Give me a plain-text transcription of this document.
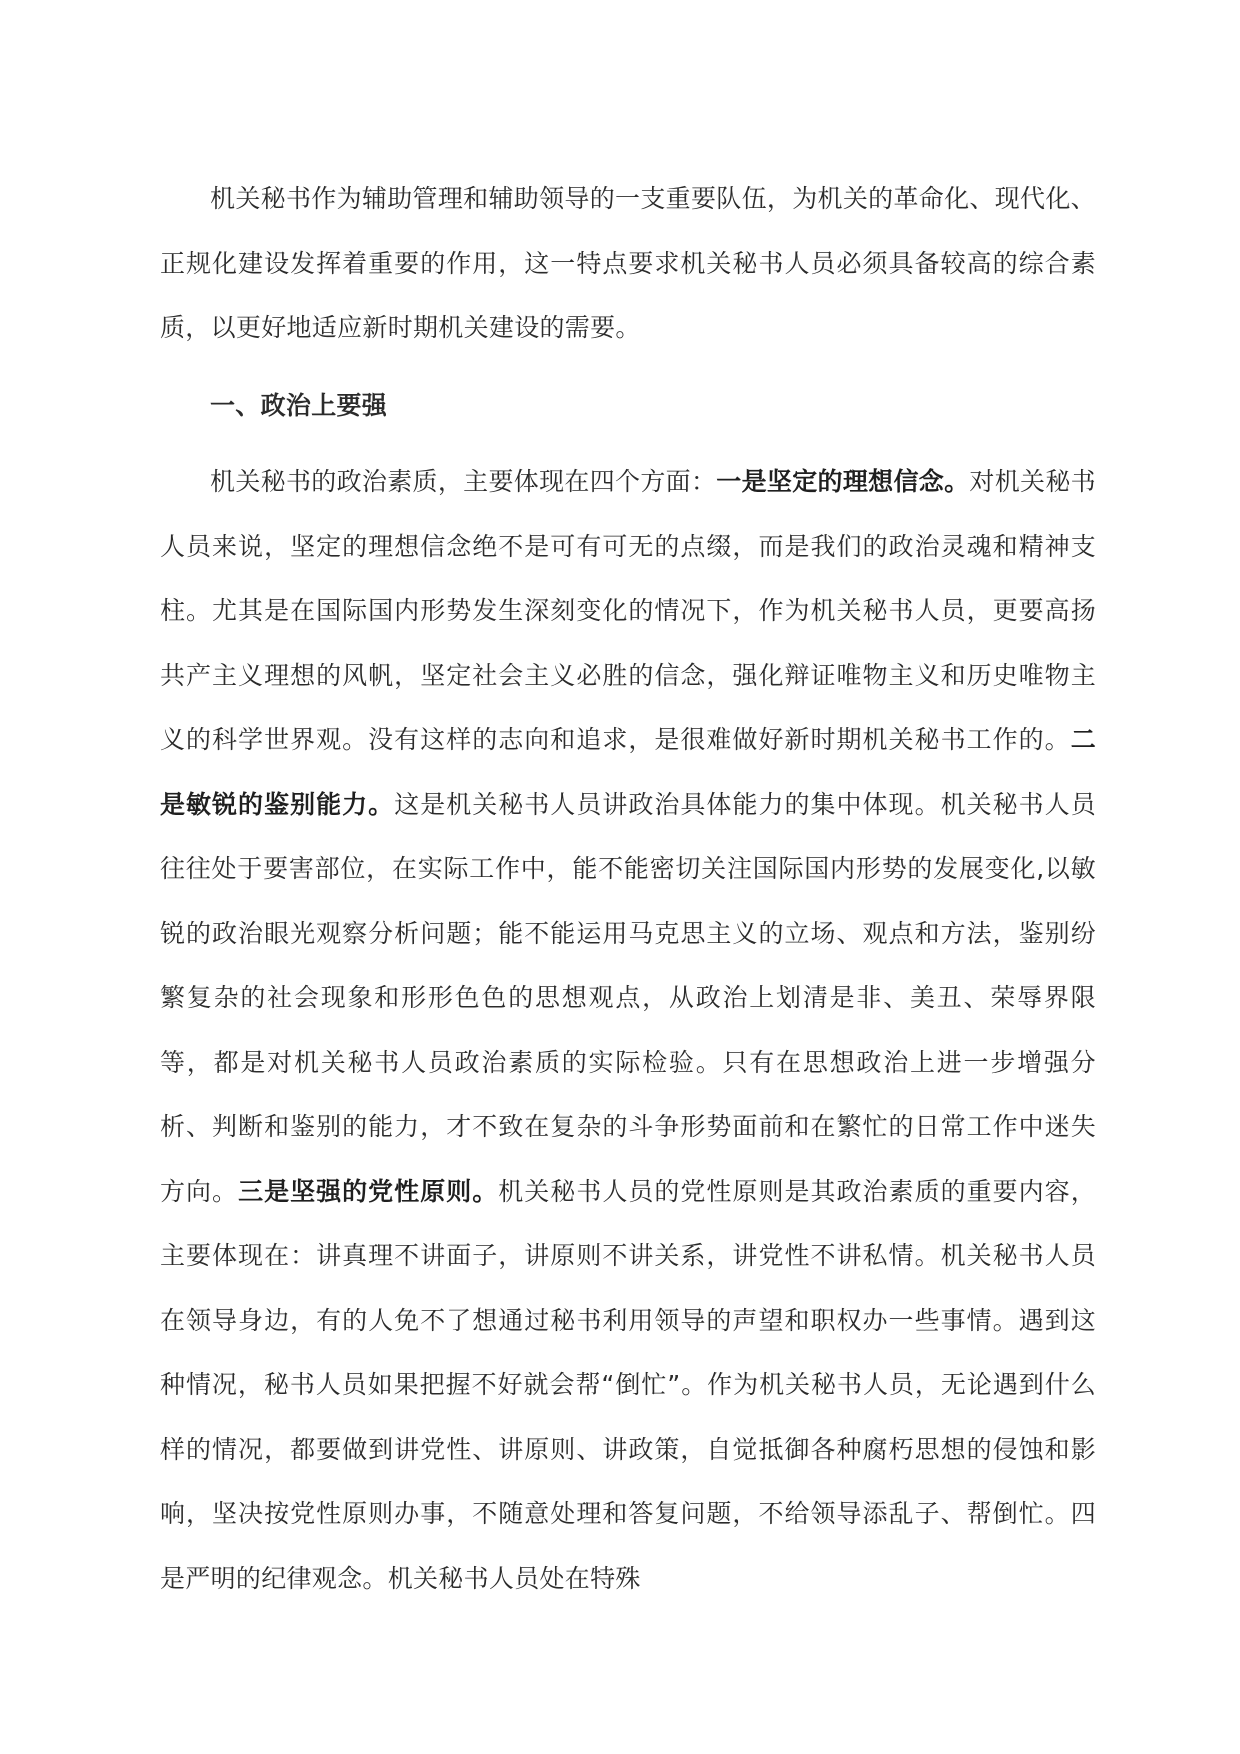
机关秘书作为辅助管理和辅助领导的一支重要队伍，为机关的革命化、现代化、正规化建设发挥着重要的作用，这一特点要求机关秘书人员必须具备较高的综合素质，以更好地适应新时期机关建设的需要。

一、政治上要强

机关秘书的政治素质，主要体现在四个方面：一是坚定的理想信念。对机关秘书人员来说，坚定的理想信念绝不是可有可无的点缀，而是我们的政治灵魂和精神支柱。尤其是在国际国内形势发生深刻变化的情况下，作为机关秘书人员，更要高扬共产主义理想的风帆，坚定社会主义必胜的信念，强化辩证唯物主义和历史唯物主义的科学世界观。没有这样的志向和追求，是很难做好新时期机关秘书工作的。二是敏锐的鉴别能力。这是机关秘书人员讲政治具体能力的集中体现。机关秘书人员往往处于要害部位，在实际工作中，能不能密切关注国际国内形势的发展变化,以敏锐的政治眼光观察分析问题；能不能运用马克思主义的立场、观点和方法，鉴别纷繁复杂的社会现象和形形色色的思想观点，从政治上划清是非、美丑、荣辱界限等，都是对机关秘书人员政治素质的实际检验。只有在思想政治上进一步增强分析、判断和鉴别的能力，才不致在复杂的斗争形势面前和在繁忙的日常工作中迷失方向。三是坚强的党性原则。机关秘书人员的党性原则是其政治素质的重要内容，主要体现在：讲真理不讲面子，讲原则不讲关系，讲党性不讲私情。机关秘书人员在领导身边，有的人免不了想通过秘书利用领导的声望和职权办一些事情。遇到这种情况，秘书人员如果把握不好就会帮“倒忙”。作为机关秘书人员，无论遇到什么样的情况，都要做到讲党性、讲原则、讲政策，自觉抵御各种腐朽思想的侵蚀和影响，坚决按党性原则办事，不随意处理和答复问题，不给领导添乱子、帮倒忙。四是严明的纪律观念。机关秘书人员处在特殊
